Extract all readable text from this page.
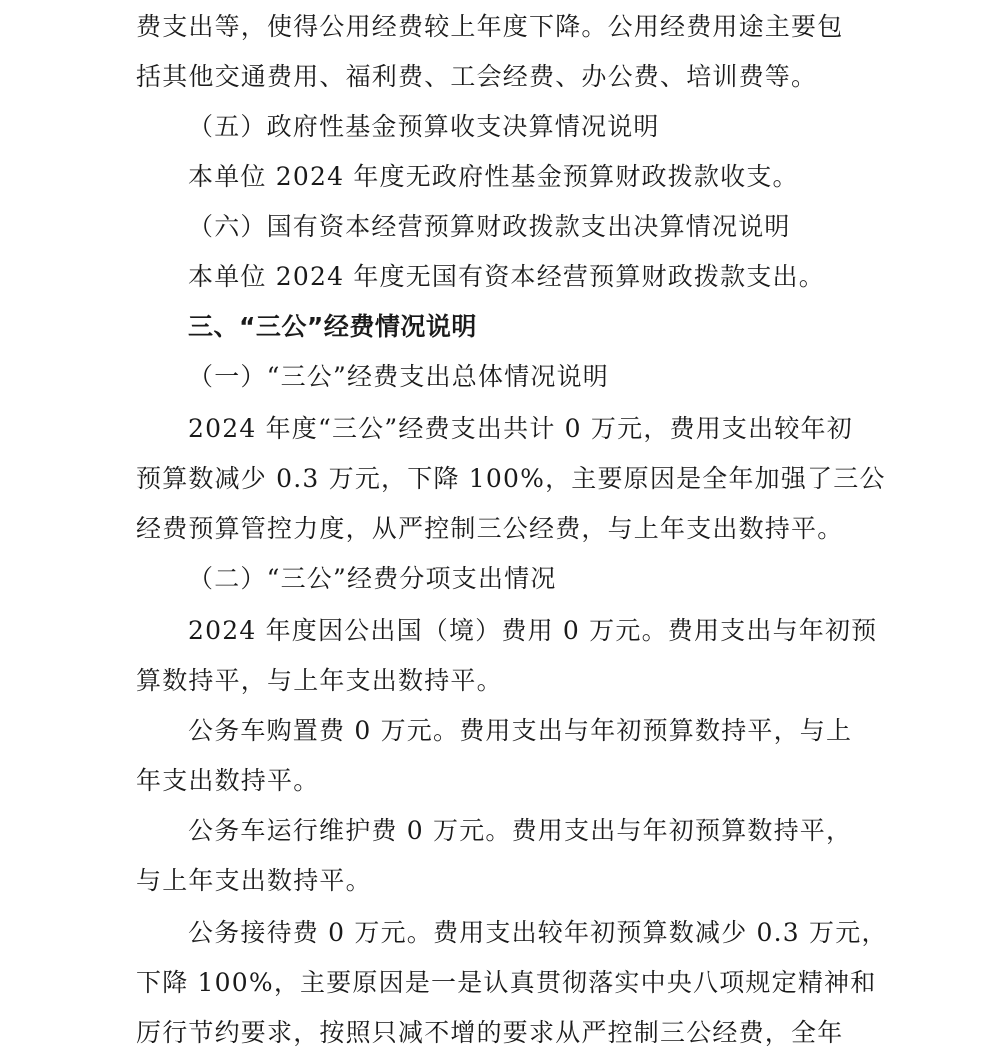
费支出等，使得公用经费较上年度下降。公用经费用途主要包
括其他交通费用、福利费、工会经费、办公费、培训费等。
（五）政府性基金预算收支决算情况说明
本单位 2024 年度无政府性基金预算财政拨款收支。
（六）国有资本经营预算财政拨款支出决算情况说明
本单位 2024 年度无国有资本经营预算财政拨款支出。
三、“三公”经费情况说明
（一）“三公”经费支出总体情况说明
2024 年度“三公”经费支出共计 0 万元，费用支出较年初
预算数减少 0.3 万元，下降 100%，主要原因是全年加强了三公
经费预算管控力度，从严控制三公经费，与上年支出数持平。
（二）“三公”经费分项支出情况
2024 年度因公出国（境）费用 0 万元。费用支出与年初预
算数持平，与上年支出数持平。
公务车购置费 0 万元。费用支出与年初预算数持平，与上
年支出数持平。
公务车运行维护费 0 万元。费用支出与年初预算数持平，
与上年支出数持平。
公务接待费 0 万元。费用支出较年初预算数减少 0.3 万元，
下降 100%，主要原因是一是认真贯彻落实中央八项规定精神和
厉行节约要求，按照只减不增的要求从严控制三公经费，全年
